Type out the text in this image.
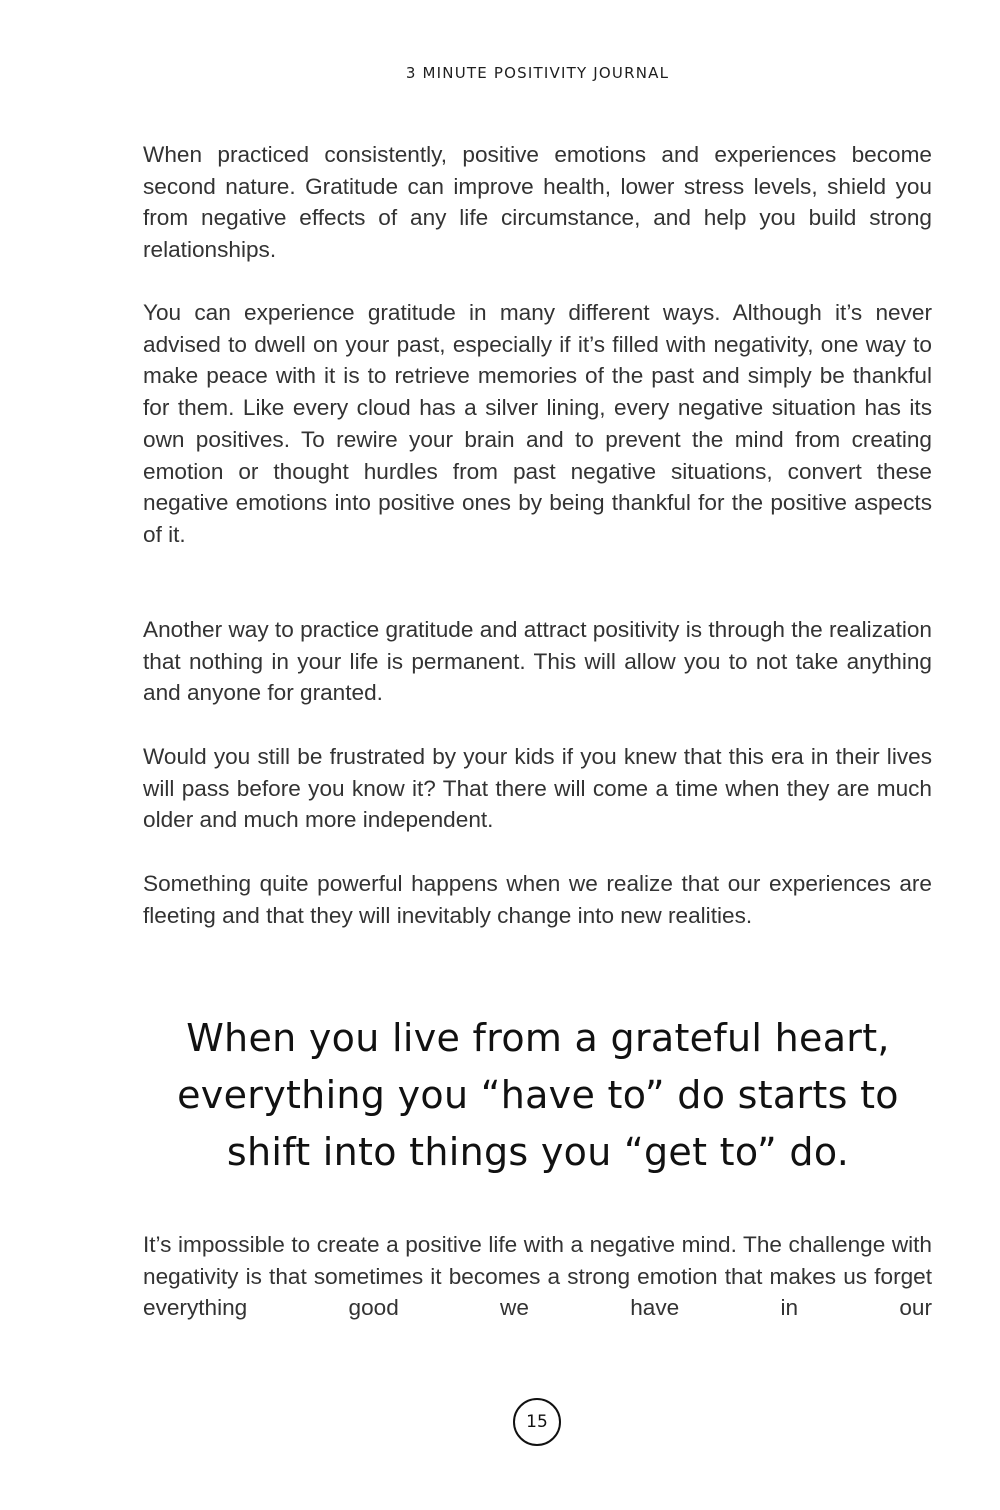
3 MINUTE POSITIVITY JOURNAL

When practiced consistently, positive emotions and experiences become second nature. Gratitude can improve health, lower stress levels, shield you from negative effects of any life circumstance, and help you build strong relationships.

You can experience gratitude in many different ways. Although it’s never advised to dwell on your past, especially if it’s filled with negativity, one way to make peace with it is to retrieve memories of the past and simply be thankful for them. Like every cloud has a silver lining, every negative situation has its own positives. To rewire your brain and to prevent the mind from creating emotion or thought hurdles from past negative situations, convert these negative emotions into positive ones by being thankful for the positive aspects of it.

Another way to practice gratitude and attract positivity is through the realization that nothing in your life is permanent. This will allow you to not take anything and anyone for granted.

Would you still be frustrated by your kids if you knew that this era in their lives will pass before you know it? That there will come a time when they are much older and much more independent.

Something quite powerful happens when we realize that our experiences are fleeting and that they will inevitably change into new realities.

When you live from a grateful heart,
everything you “have to” do starts to
shift into things you “get to” do.

It’s impossible to create a positive life with a negative mind. The challenge with negativity is that sometimes it becomes a strong emotion that makes us forget everything good we have in our

15
